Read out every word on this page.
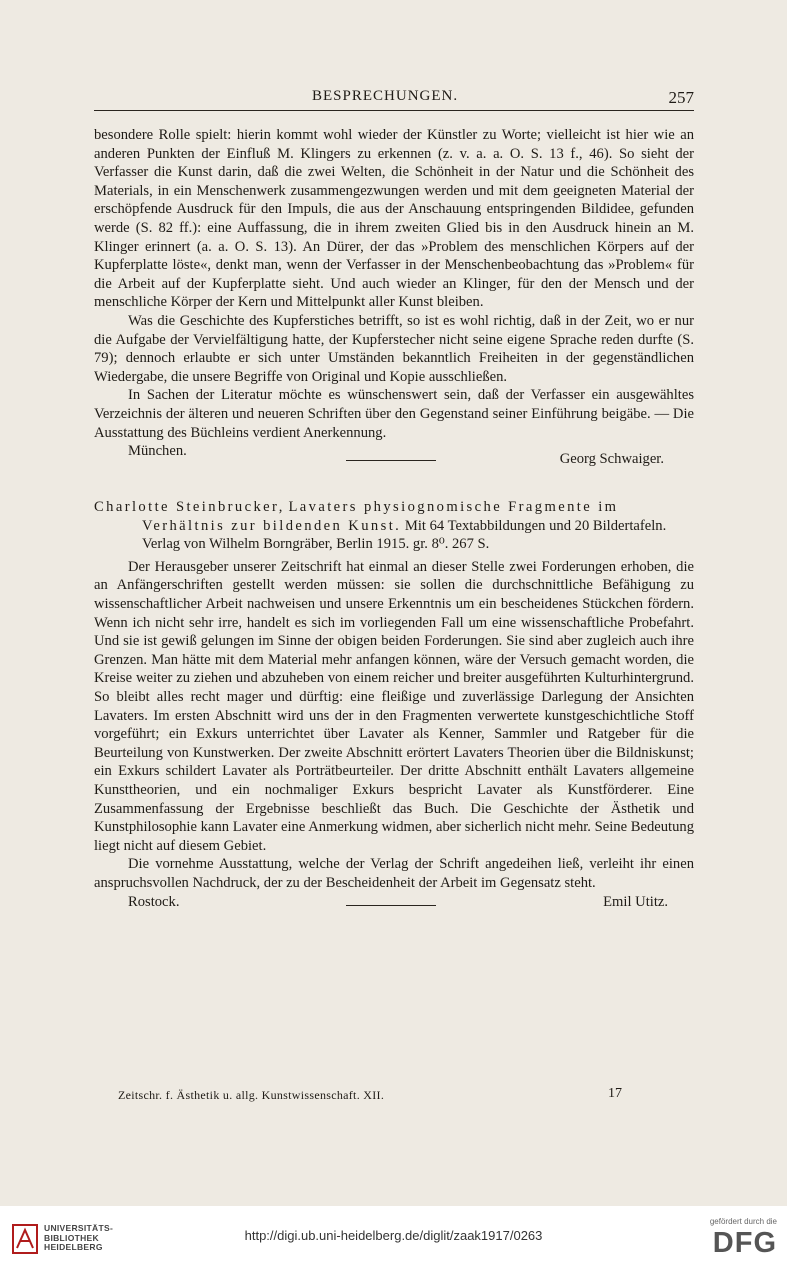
BESPRECHUNGEN.	257

besondere Rolle spielt: hierin kommt wohl wieder der Künstler zu Worte; vielleicht ist hier wie an anderen Punkten der Einfluß M. Klingers zu erkennen (z. v. a. a. O. S. 13 f., 46). So sieht der Verfasser die Kunst darin, daß die zwei Welten, die Schönheit in der Natur und die Schönheit des Materials, in ein Menschenwerk zusammengezwungen werden und mit dem geeigneten Material der erschöpfende Ausdruck für den Impuls, die aus der Anschauung entspringenden Bildidee, gefunden werde (S. 82 ff.): eine Auffassung, die in ihrem zweiten Glied bis in den Ausdruck hinein an M. Klinger erinnert (a. a. O. S. 13). An Dürer, der das »Problem des menschlichen Körpers auf der Kupferplatte löste«, denkt man, wenn der Verfasser in der Menschenbeobachtung das »Problem« für die Arbeit auf der Kupferplatte sieht. Und auch wieder an Klinger, für den der Mensch und der menschliche Körper der Kern und Mittelpunkt aller Kunst bleiben.

Was die Geschichte des Kupferstiches betrifft, so ist es wohl richtig, daß in der Zeit, wo er nur die Aufgabe der Vervielfältigung hatte, der Kupferstecher nicht seine eigene Sprache reden durfte (S. 79); dennoch erlaubte er sich unter Umständen bekanntlich Freiheiten in der gegenständlichen Wiedergabe, die unsere Begriffe von Original und Kopie ausschließen.

In Sachen der Literatur möchte es wünschenswert sein, daß der Verfasser ein ausgewähltes Verzeichnis der älteren und neueren Schriften über den Gegenstand seiner Einführung beigäbe. — Die Ausstattung des Büchleins verdient Anerkennung.

München.	Georg Schwaiger.

Charlotte Steinbrucker, Lavaters physiognomische Fragmente im Verhältnis zur bildenden Kunst. Mit 64 Textabbildungen und 20 Bildertafeln. Verlag von Wilhelm Borngräber, Berlin 1915. gr. 8⁰. 267 S.

Der Herausgeber unserer Zeitschrift hat einmal an dieser Stelle zwei Forderungen erhoben, die an Anfängerschriften gestellt werden müssen: sie sollen die durchschnittliche Befähigung zu wissenschaftlicher Arbeit nachweisen und unsere Erkenntnis um ein bescheidenes Stückchen fördern. Wenn ich nicht sehr irre, handelt es sich im vorliegenden Fall um eine wissenschaftliche Probefahrt. Und sie ist gewiß gelungen im Sinne der obigen beiden Forderungen. Sie sind aber zugleich auch ihre Grenzen. Man hätte mit dem Material mehr anfangen können, wäre der Versuch gemacht worden, die Kreise weiter zu ziehen und abzuheben von einem reicher und breiter ausgeführten Kulturhintergrund. So bleibt alles recht mager und dürftig: eine fleißige und zuverlässige Darlegung der Ansichten Lavaters. Im ersten Abschnitt wird uns der in den Fragmenten verwertete kunstgeschichtliche Stoff vorgeführt; ein Exkurs unterrichtet über Lavater als Kenner, Sammler und Ratgeber für die Beurteilung von Kunstwerken. Der zweite Abschnitt erörtert Lavaters Theorien über die Bildniskunst; ein Exkurs schildert Lavater als Porträtbeurteiler. Der dritte Abschnitt enthält Lavaters allgemeine Kunsttheorien, und ein nochmaliger Exkurs bespricht Lavater als Kunstförderer. Eine Zusammenfassung der Ergebnisse beschließt das Buch. Die Geschichte der Ästhetik und Kunstphilosophie kann Lavater eine Anmerkung widmen, aber sicherlich nicht mehr. Seine Bedeutung liegt nicht auf diesem Gebiet.

Die vornehme Ausstattung, welche der Verlag der Schrift angedeihen ließ, verleiht ihr einen anspruchsvollen Nachdruck, der zu der Bescheidenheit der Arbeit im Gegensatz steht.

Rostock.	Emil Utitz.
Zeitschr. f. Ästhetik u. allg. Kunstwissenschaft. XII.	17
UNIVERSITÄTS-
BIBLIOTHEK
HEIDELBERG
http://digi.ub.uni-heidelberg.de/diglit/zaak1917/0263
gefördert durch die
DFG
